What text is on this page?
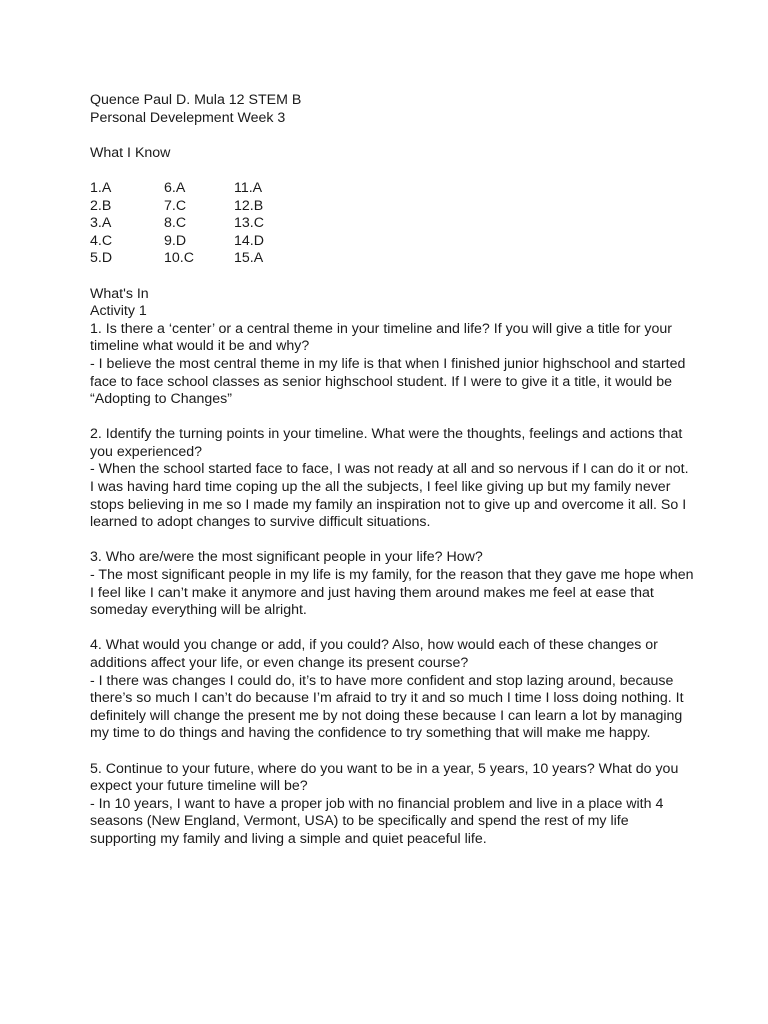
Quence Paul D. Mula 12 STEM B
Personal Develepment Week 3
What I Know
1.A	6.A	11.A
2.B	7.C	12.B
3.A	8.C	13.C
4.C	9.D	14.D
5.D	10.C	15.A
What's In
Activity 1
1. Is there a ‘center’ or a central theme in your timeline and life? If you will give a title for your
timeline what would it be and why?
- I believe the most central theme in my life is that when I finished junior highschool and started
face to face school classes as senior highschool student. If I were to give it a title, it would be
“Adopting to Changes”
2. Identify the turning points in your timeline. What were the thoughts, feelings and actions that
you experienced?
- When the school started face to face, I was not ready at all and so nervous if I can do it or not.
I was having hard time coping up the all the subjects, I feel like giving up but my family never
stops believing in me so I made my family an inspiration not to give up and overcome it all. So I
learned to adopt changes to survive difficult situations.
3. Who are/were the most significant people in your life? How?
- The most significant people in my life is my family, for the reason that they gave me hope when
I feel like I can’t make it anymore and just having them around makes me feel at ease that
someday everything will be alright.
4. What would you change or add, if you could? Also, how would each of these changes or
additions affect your life, or even change its present course?
- I there was changes I could do, it’s to have more confident and stop lazing around, because
there’s so much I can’t do because I’m afraid to try it and so much I time I loss doing nothing. It
definitely will change the present me by not doing these because I can learn a lot by managing
my time to do things and having the confidence to try something that will make me happy.
5. Continue to your future, where do you want to be in a year, 5 years, 10 years? What do you
expect your future timeline will be?
- In 10 years, I want to have a proper job with no financial problem and live in a place with 4
seasons (New England, Vermont, USA) to be specifically and spend the rest of my life
supporting my family and living a simple and quiet peaceful life.
